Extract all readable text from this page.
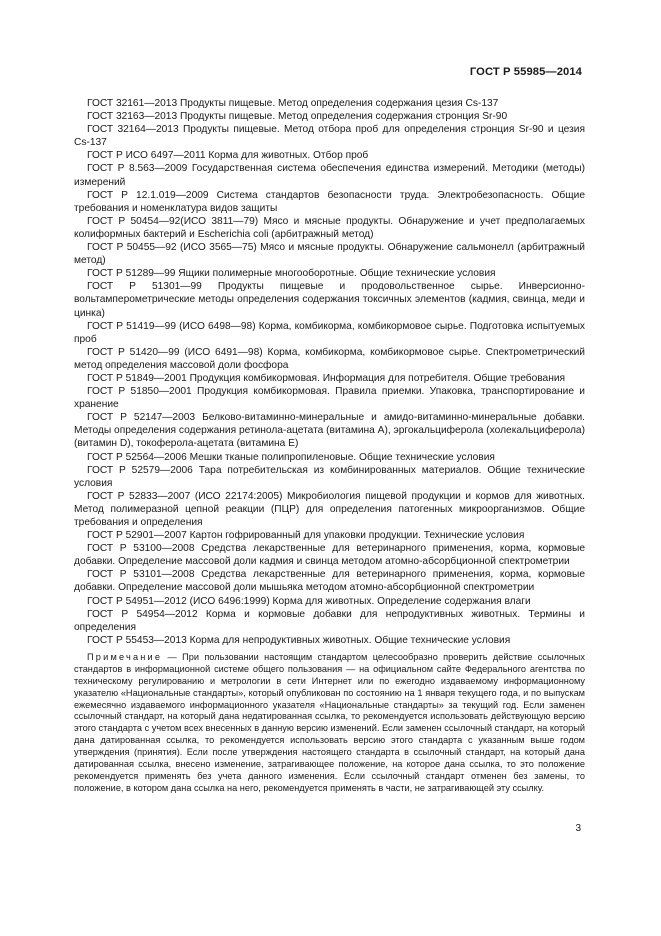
ГОСТ Р 55985—2014

ГОСТ 32161—2013 Продукты пищевые. Метод определения содержания цезия Cs-137

ГОСТ 32163—2013 Продукты пищевые. Метод определения содержания стронция Sr-90

ГОСТ 32164—2013 Продукты пищевые. Метод отбора проб для определения стронция Sr-90 и цезия Cs-137

ГОСТ Р ИСО 6497—2011 Корма для животных. Отбор проб

ГОСТ Р 8.563—2009 Государственная система обеспечения единства измерений. Методики (методы) измерений

ГОСТ Р 12.1.019—2009 Система стандартов безопасности труда. Электробезопасность. Общие требования и номенклатура видов защиты

ГОСТ Р 50454—92(ИСО 3811—79) Мясо и мясные продукты. Обнаружение и учет предполагаемых колиформных бактерий и Escherichia coli (арбитражный метод)

ГОСТ Р 50455—92 (ИСО 3565—75) Мясо и мясные продукты. Обнаружение сальмонелл (арбитражный метод)

ГОСТ Р 51289—99 Ящики полимерные многооборотные. Общие технические условия

ГОСТ Р 51301—99 Продукты пищевые и продовольственное сырье. Инверсионно-вольтамперометрические методы определения содержания токсичных элементов (кадмия, свинца, меди и цинка)

ГОСТ Р 51419—99 (ИСО 6498—98) Корма, комбикорма, комбикормовое сырье. Подготовка испытуемых проб

ГОСТ Р 51420—99 (ИСО 6491—98) Корма, комбикорма, комбикормовое сырье. Спектрометрический метод определения массовой доли фосфора

ГОСТ Р 51849—2001 Продукция комбикормовая. Информация для потребителя. Общие требования

ГОСТ Р 51850—2001 Продукция комбикормовая. Правила приемки. Упаковка, транспортирование и хранение

ГОСТ Р 52147—2003 Белково-витаминно-минеральные и амидо-витаминно-минеральные добавки. Методы определения содержания ретинола-ацетата (витамина А), эргокальциферола (холекальциферола) (витамин D), токоферола-ацетата (витамина Е)

ГОСТ Р 52564—2006 Мешки тканые полипропиленовые. Общие технические условия

ГОСТ Р 52579—2006 Тара потребительская из комбинированных материалов. Общие технические условия

ГОСТ Р 52833—2007 (ИСО 22174:2005) Микробиология пищевой продукции и кормов для животных. Метод полимеразной цепной реакции (ПЦР) для определения патогенных микроорганизмов. Общие требования и определения

ГОСТ Р 52901—2007 Картон гофрированный для упаковки продукции. Технические условия

ГОСТ Р 53100—2008 Средства лекарственные для ветеринарного применения, корма, кормовые добавки. Определение массовой доли кадмия и свинца методом атомно-абсорбционной спектрометрии

ГОСТ Р 53101—2008 Средства лекарственные для ветеринарного применения, корма, кормовые добавки. Определение массовой доли мышьяка методом атомно-абсорбционной спектрометрии

ГОСТ Р 54951—2012 (ИСО 6496:1999) Корма для животных. Определение содержания влаги

ГОСТ Р 54954—2012 Корма и кормовые добавки для непродуктивных животных. Термины и определения

ГОСТ Р 55453—2013 Корма для непродуктивных животных. Общие технические условия

Примечание — При пользовании настоящим стандартом целесообразно проверить действие ссылочных стандартов в информационной системе общего пользования — на официальном сайте Федерального агентства по техническому регулированию и метрологии в сети Интернет или по ежегодно издаваемому информационному указателю «Национальные стандарты», который опубликован по состоянию на 1 января текущего года, и по выпускам ежемесячно издаваемого информационного указателя «Национальные стандарты» за текущий год. Если заменен ссылочный стандарт, на который дана недатированная ссылка, то рекомендуется использовать действующую версию этого стандарта с учетом всех внесенных в данную версию изменений. Если заменен ссылочный стандарт, на который дана датированная ссылка, то рекомендуется использовать версию этого стандарта с указанным выше годом утверждения (принятия). Если после утверждения настоящего стандарта в ссылочный стандарт, на который дана датированная ссылка, внесено изменение, затрагивающее положение, на которое дана ссылка, то это положение рекомендуется применять без учета данного изменения. Если ссылочный стандарт отменен без замены, то положение, в котором дана ссылка на него, рекомендуется применять в части, не затрагивающей эту ссылку.
3
